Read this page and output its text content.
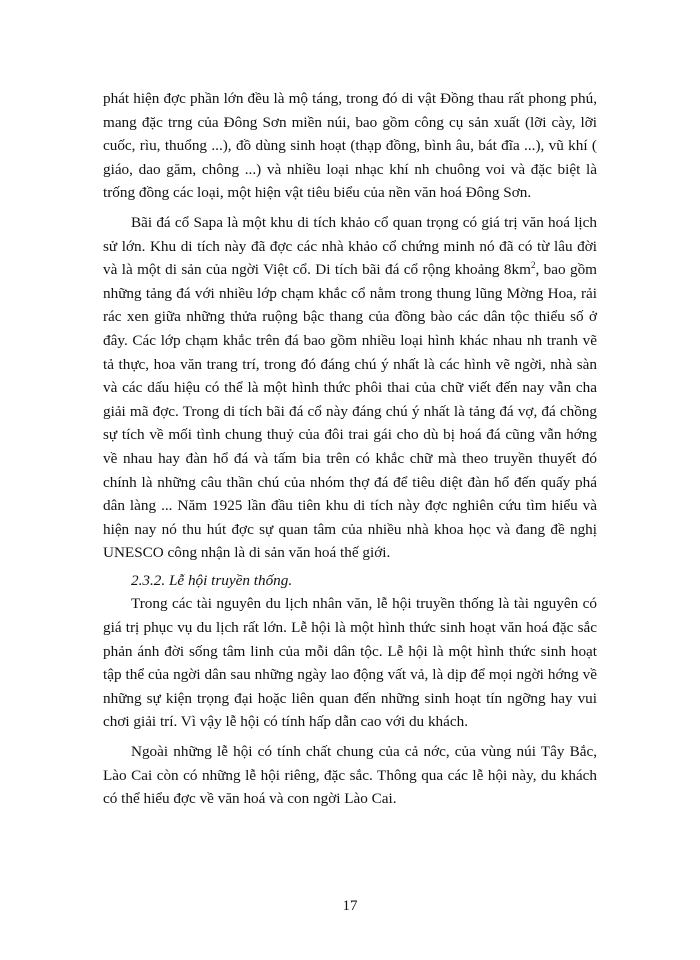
phát hiện đợc phần lớn đều là mộ táng, trong đó di vật Đồng thau rất phong phú, mang đặc trng của Đông Sơn miền núi, bao gồm công cụ sản xuất (lỡi cày, lỡi cuốc, rìu, thuổng ...), đồ dùng sinh hoạt (thạp đồng, bình âu, bát đĩa ...), vũ khí ( giáo, dao găm, chông ...) và nhiều loại nhạc khí nh chuông voi và đặc biệt là trống đồng các loại, một hiện vật tiêu biểu của nền văn hoá Đông Sơn.

Bãi đá cổ Sapa là một khu di tích khảo cổ quan trọng có giá trị văn hoá lịch sử lớn. Khu di tích này đã đợc các nhà khảo cổ chứng minh nó đã có từ lâu đời và là một di sản của ngời Việt cổ. Di tích bãi đá cổ rộng khoảng $8km^2$, bao gồm những tảng đá với nhiều lớp chạm khắc cổ nằm trong thung lũng Mờng Hoa, rải rác xen giữa những thửa ruộng bậc thang của đồng bào các dân tộc thiểu số ở đây. Các lớp chạm khắc trên đá bao gồm nhiều loại hình khác nhau nh tranh vẽ tả thực, hoa văn trang trí, trong đó đáng chú ý nhất là các hình vẽ ngời, nhà sàn và các dấu hiệu có thể là một hình thức phôi thai của chữ viết đến nay vẫn cha giải mã đợc. Trong di tích bãi đá cổ này đáng chú ý nhất là tảng đá vợ, đá chồng sự tích về mối tình chung thuỷ của đôi trai gái cho dù bị hoá đá cũng vẫn hớng về nhau hay đàn hổ đá và tấm bia trên có khắc chữ mà theo truyền thuyết đó chính là những câu thần chú của nhóm thợ đá để tiêu diệt đàn hổ đến quấy phá dân làng ... Năm 1925 lần đầu tiên khu di tích này đợc nghiên cứu tìm hiểu và hiện nay nó thu hút đợc sự quan tâm của nhiều nhà khoa học và đang đề nghị UNESCO công nhận là di sản văn hoá thế giới.

2.3.2. Lễ hội truyền thống.

Trong các tài nguyên du lịch nhân văn, lễ hội truyền thống là tài nguyên có giá trị phục vụ du lịch rất lớn. Lễ hội là một hình thức sinh hoạt văn hoá đặc sắc phản ánh đời sống tâm linh của mỗi dân tộc. Lễ hội là một hình thức sinh hoạt tập thể của ngời dân sau những ngày lao động vất vả, là dịp để mọi ngời hớng về những sự kiện trọng đại hoặc liên quan đến những sinh hoạt tín ngỡng hay vui chơi giải trí. Vì vậy lễ hội có tính hấp dẫn cao với du khách.

Ngoài những lễ hội có tính chất chung của cả nớc, của vùng núi Tây Bắc, Lào Cai còn có những lễ hội riêng, đặc sắc. Thông qua các lễ hội này, du khách có thể hiểu đợc về văn hoá và con ngời Lào Cai.

17
